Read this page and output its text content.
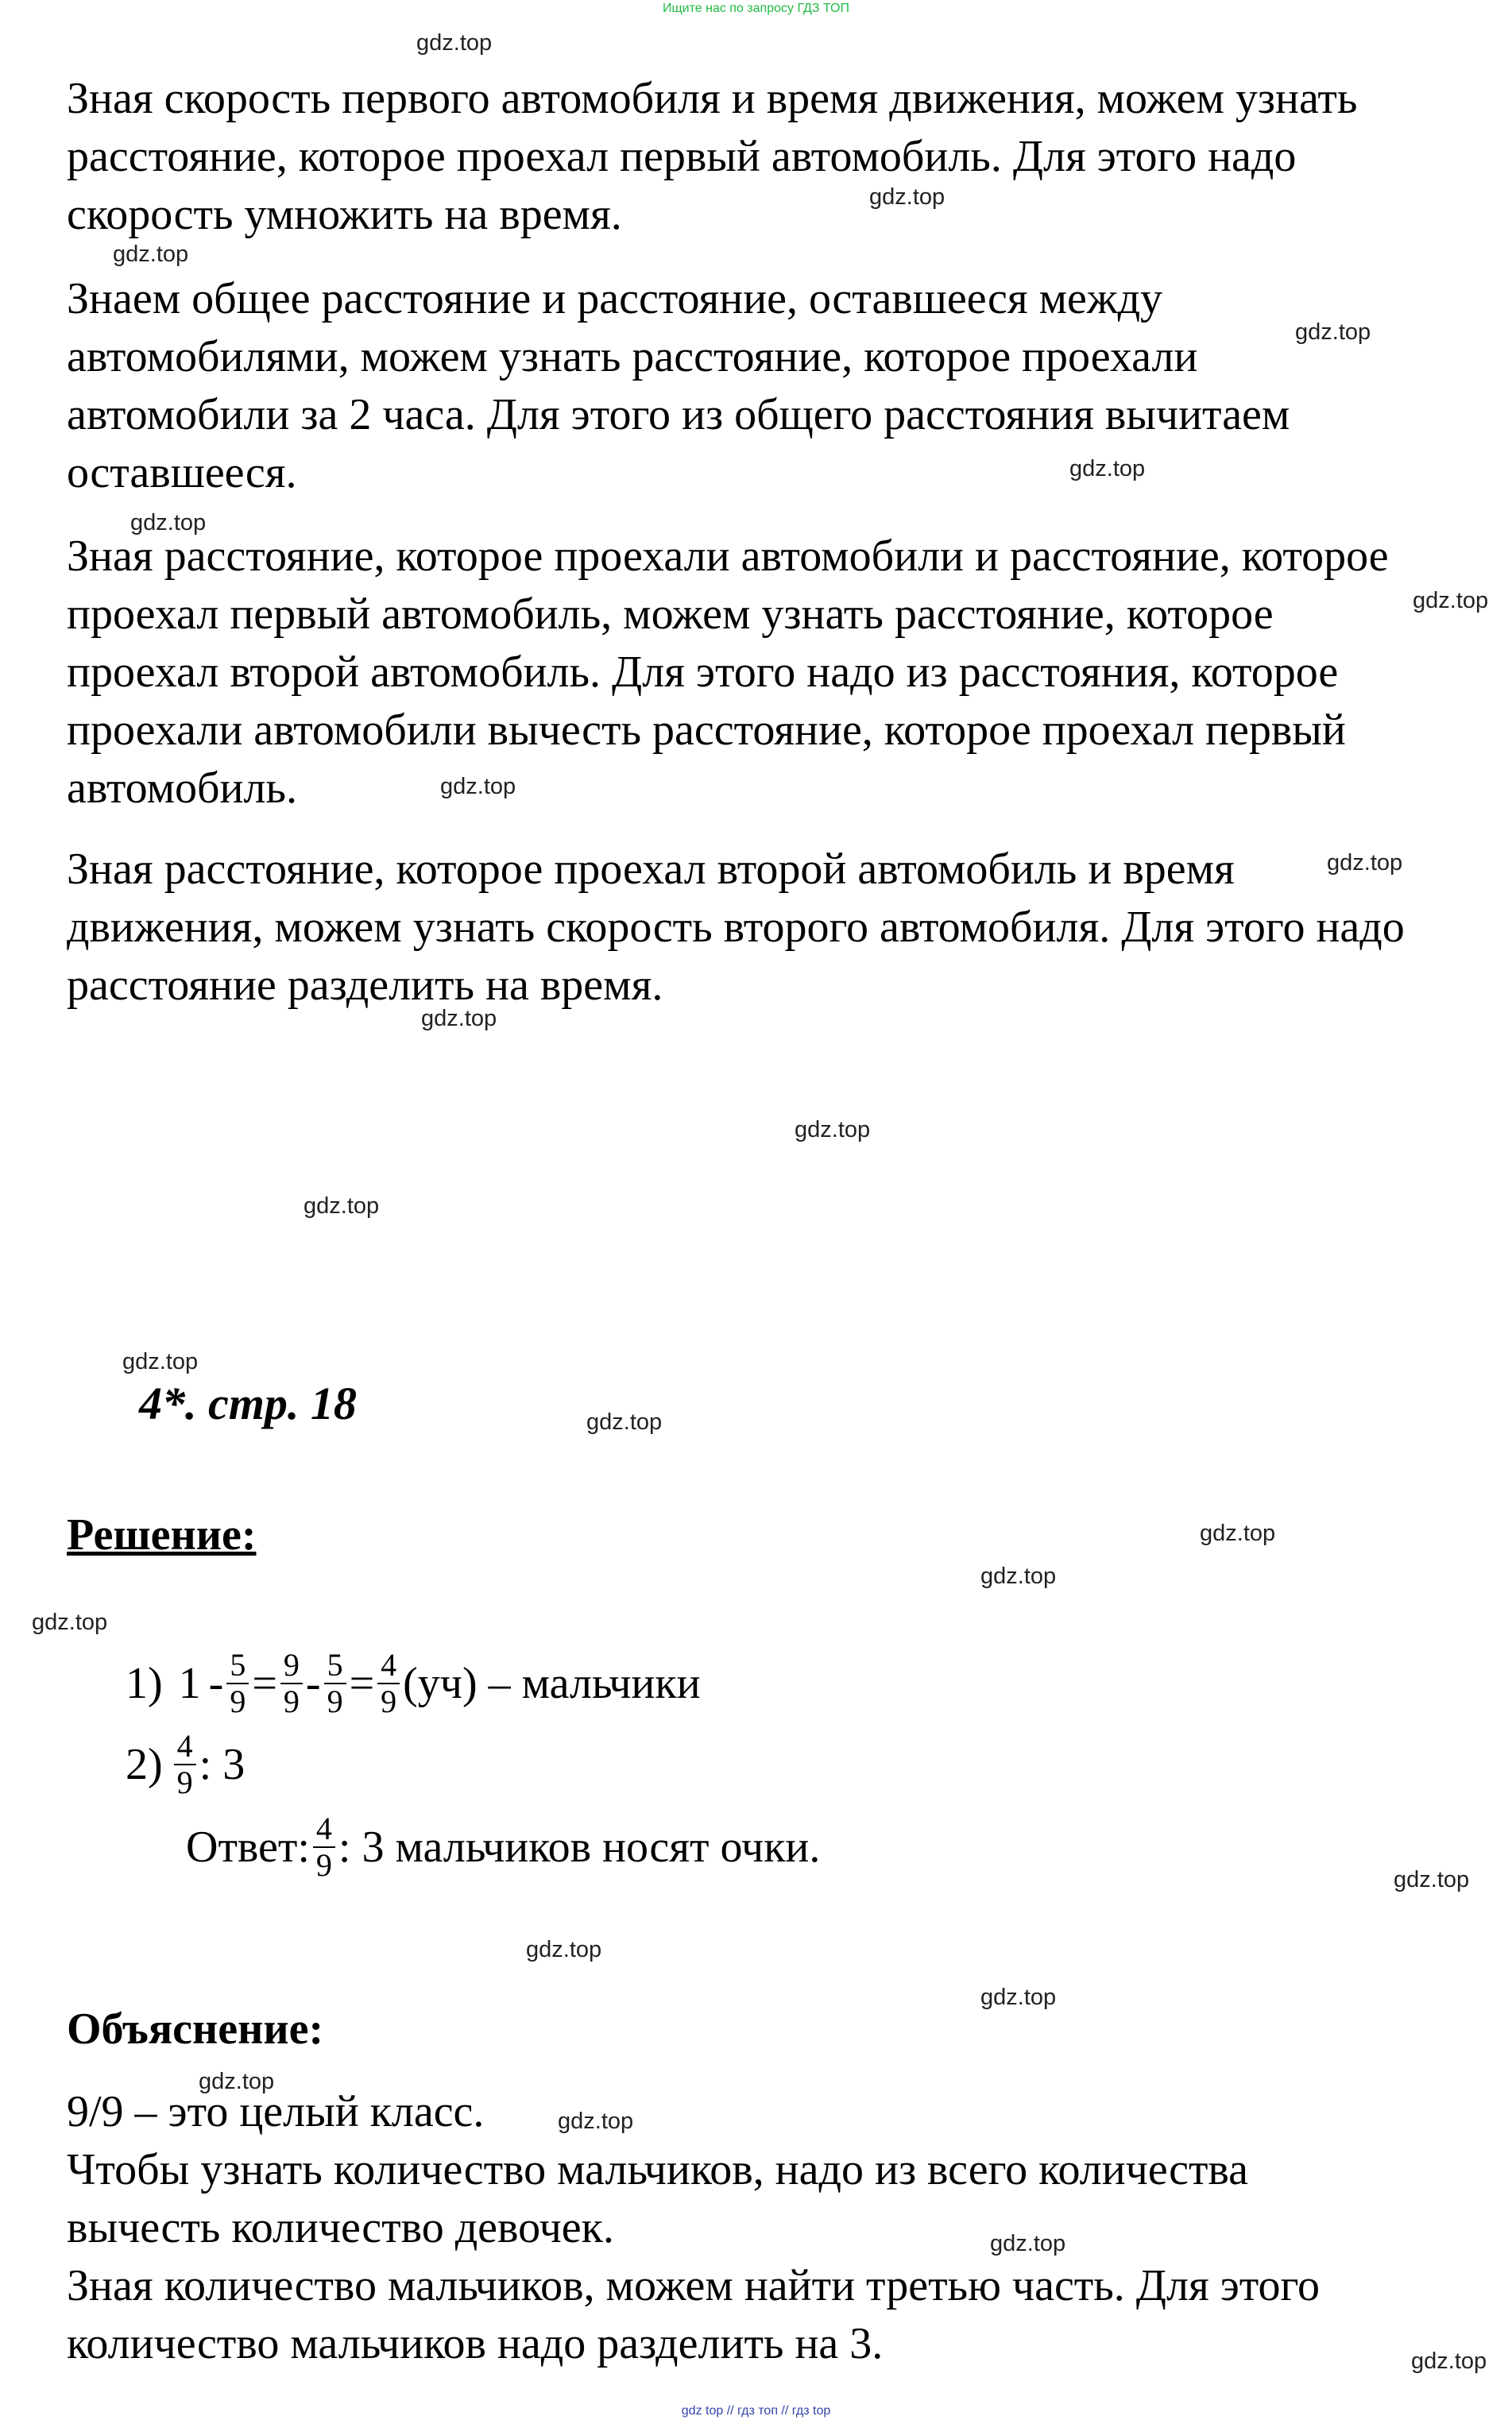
Ищите нас по запросу ГДЗ ТОП
gdz top // гдз топ // гдз top
Зная скорость первого автомобиля и время движения, можем узнать
расстояние, которое проехал первый автомобиль. Для этого надо
скорость умножить на время.
Знаем общее расстояние и расстояние, оставшееся между
автомобилями, можем узнать расстояние, которое проехали
автомобили за 2 часа. Для этого из общего расстояния вычитаем
оставшееся.
Зная расстояние, которое проехали автомобили и расстояние, которое
проехал первый автомобиль, можем узнать расстояние, которое
проехал второй автомобиль. Для этого надо из расстояния, которое
проехали автомобили вычесть расстояние, которое проехал первый
автомобиль.
Зная расстояние, которое проехал второй автомобиль и время
движения, можем узнать скорость второго автомобиля. Для этого надо
расстояние разделить на время.
4*. стр. 18
Решение:
1) $1 - \frac{5}{9} = \frac{9}{9} - \frac{5}{9} = \frac{4}{9} (уч)$ – мальчики
$2) \frac{4}{9}$ : 3
Ответ: $\frac{4}{9}$ : 3 мальчиков носят очки.
Объяснение:
9/9 – это целый класс.
Чтобы узнать количество мальчиков, надо из всего количества
вычесть количество девочек.
Зная количество мальчиков, можем найти третью часть. Для этого
количество мальчиков надо разделить на 3.
gdz.top
gdz.top
gdz.top
gdz.top
gdz.top
gdz.top
gdz.top
gdz.top
gdz.top
gdz.top
gdz.top
gdz.top
gdz.top
gdz.top
gdz.top
gdz.top
gdz.top
gdz.top
gdz.top
gdz.top
gdz.top
gdz.top
gdz.top
gdz.top
